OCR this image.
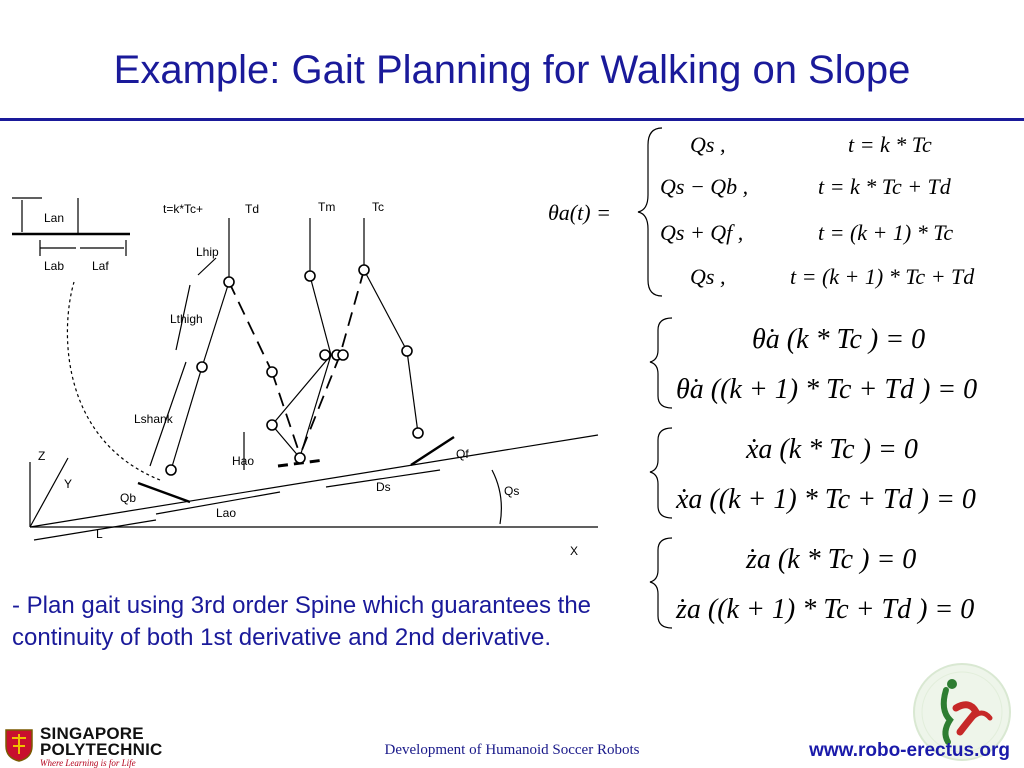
Example: Gait Planning for Walking on Slope
Lan
Lab Laf
t=k*Tc+	Td	Tm	Tc
Lhip
Lthigh
Lshank
Hao
Lao
Ds
Qf
Qs
Qb
Z
Y
X
L
θa(t) =
Qs ,	t = k * Tc
Qs − Qb ,	t = k * Tc + Td
Qs + Qf ,	t = (k + 1) * Tc
Qs ,	t = (k + 1) * Tc + Td
θ̇a (k * Tc ) = 0
θ̇a ((k + 1) * Tc + Td ) = 0
ẋa (k * Tc ) = 0
ẋa ((k + 1) * Tc + Td ) = 0
ża (k * Tc ) = 0
ża ((k + 1) * Tc + Td ) = 0
- Plan gait using 3rd order Spine which guarantees the continuity of both 1st derivative and 2nd derivative.
SINGAPORE
POLYTECHNIC
Where Learning is for Life
Development of Humanoid Soccer Robots	www.robo-erectus.org
